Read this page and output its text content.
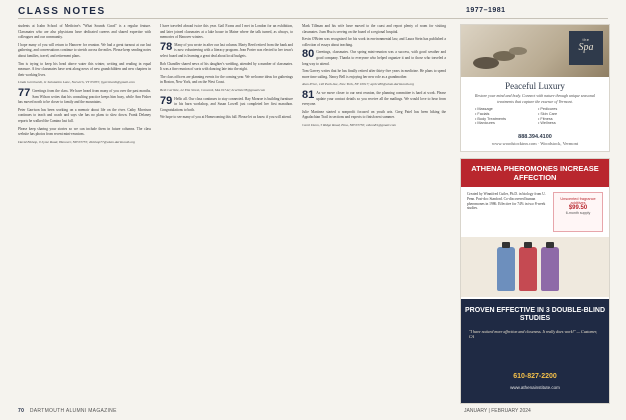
CLASS NOTES	1977–1981
students at Icahn School of Medicine's "What Sounds Good" is a regular feature. Classmates who are also physicians have dedicated careers and shared expertise with colleagues and our community.
I hope many of you will return to Hanover for reunion. We had a great turnout at our last gathering, and conversations continue to stretch across the miles. Please keep sending notes about families, travel, and retirement plans.
Tim is trying to keep his head above water this winter, writing and reading in equal measure. A few classmates have sent along news of new grandchildren and new chapters in their working lives.
Linda Gernhardt, 11 Salutation Lane, Norwich, VT 05055; ljgernhardt@gmail.com
77 Greetings from the class. We have heard from many of you over the past months. Sam Wilson writes that his consulting practice keeps him busy, while Ann Fisher has moved north to be closer to family and the mountains.
Peter Garrison has been working on a memoir about life on the river. Cathy Morrison continues to teach and coach and says she has no plans to slow down. Frank Delaney reports he walked the Camino last fall.
Please keep sharing your stories so we can include them in future columns. The class website has photos from recent mini-reunions.
David Bishop, 9 Lyme Road, Hanover, NH 03755; dbishop77@alum.dartmouth.org
I have traveled abroad twice this year. Gail Evans and I met in London for an exhibition, and later joined classmates at a lake house in Maine where the talk turned, as always, to memories of Hanover winters.
78 Many of you wrote in after our last column. Marty Reed retired from the bank and is now volunteering with a literacy program. Jean Porter was elected to her town's select board and is learning a great deal about local budgets.
Rob Chandler shared news of his daughter's wedding, attended by a number of classmates. It was a fine reunion of sorts with dancing late into the night.
The class officers are planning events for the coming year. We welcome ideas for gatherings in Boston, New York, and on the West Coast.
Beth Carlisle, 22 Elm Street, Concord, MA 01742; bcarlisle78@gmail.com
79 Hello all. Our class continues to stay connected. Ray Monroe is building furniture in his barn workshop, and Susan Lowell just completed her first marathon. Congratulations to both.
We hope to see many of you at Homecoming this fall. Please let us know if you will attend.
Mark Tillman and his wife have moved to the coast and report plenty of room for visiting classmates. Joan Hsu is serving on the board of a regional hospital.
Kevin O'Brien was recognized for his work in environmental law, and Laura Stein has published a collection of essays about teaching.
80 Greetings, classmates. Our spring mini-reunion was a success, with good weather and good company. Thanks to everyone who helped organize it and to those who traveled a long way to attend.
Tom Garvey writes that he has finally retired after thirty-five years in medicine. He plans to spend more time sailing. Nancy Bell is enjoying her new role as a grandmother.
Alan Price, 140 Park Ave, New York, NY 10017; aprice80@alum.dartmouth.org
81 As we move closer to our next reunion, the planning committee is hard at work. Please update your contact details so you receive all the mailings. We would love to hear from everyone.
Julie Martinez started a nonprofit focused on youth arts. Greg Patel has been hiking the Appalachian Trail in sections and expects to finish next summer.
Carol Dunn, 5 Ridge Road, Etna, NH 03750; cdunn81@gmail.com
the
Spa
Peaceful Luxury
Restore your mind and body. Connect with nature through unique seasonal treatments that capture the essence of Vermont.
• Massage
• Facials
• Body Treatments
• Manicures
• Pedicures
• Skin Care
• Fitness
• Wellness
888.394.4100
www.woodstockinn.com · Woodstock, Vermont
ATHENA PHEROMONES INCREASE AFFECTION
Created by Winnifred Cutler, Ph.D. in biology from U. Penn. Post-doc Stanford. Co-discovered human pheromones in 1986. Effective for 74% in two 8-week studies.
Unscented fragrance additives
$99.50
6-month supply
PROVEN EFFECTIVE IN 3 DOUBLE-BLIND STUDIES
"I have noticed more affection and closeness. It really does work!" — Customer, CA
610-827-2200
www.athenainstitute.com
70 DARTMOUTH ALUMNI MAGAZINE	JANUARY | FEBRUARY 2024
